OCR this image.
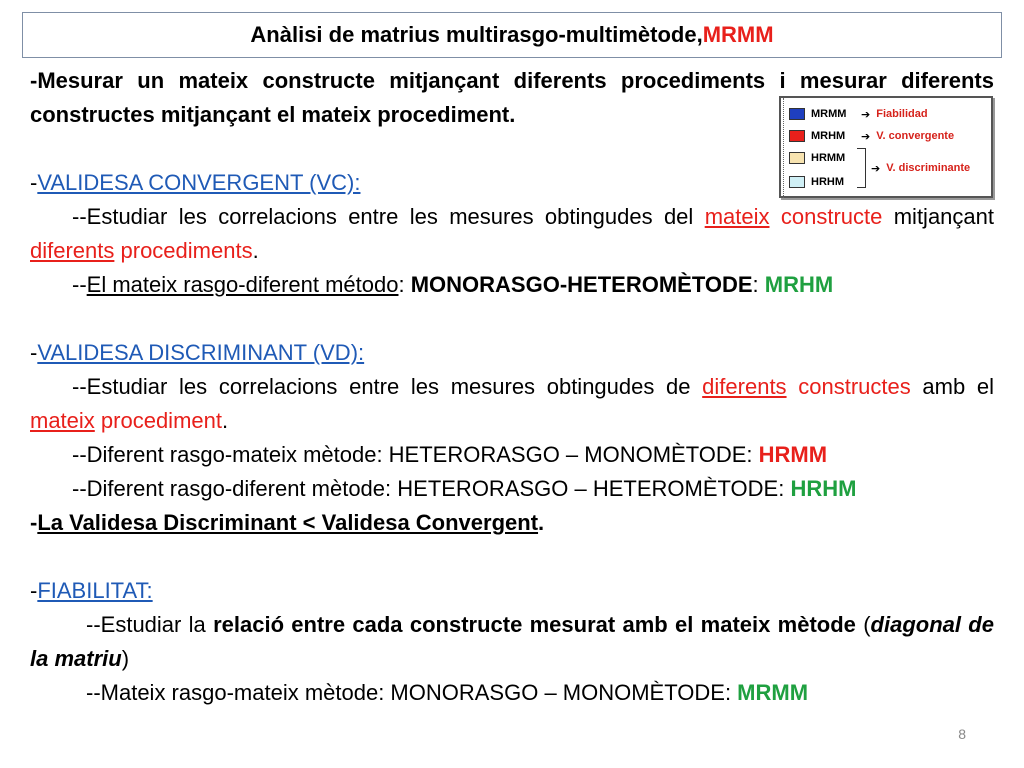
Anàlisi de matrius multirasgo-multimètode, MRMM

-Mesurar un mateix constructe mitjançant diferents procediments i mesurar diferents constructes mitjançant el mateix procediment.

-VALIDESA CONVERGENT (VC):

--Estudiar les correlacions entre les mesures obtingudes del mateix constructe mitjançant diferents procediments.

--El mateix rasgo-diferent método: MONORASGO-HETEROMÈTODE: MRHM

-VALIDESA DISCRIMINANT (VD):

--Estudiar les correlacions entre les mesures obtingudes de diferents constructes amb el mateix procediment.

--Diferent rasgo-mateix mètode: HETERORASGO – MONOMÈTODE: HRMM

--Diferent rasgo-diferent mètode: HETERORASGO – HETEROMÈTODE: HRHM

-La Validesa Discriminant < Validesa Convergent.

-FIABILITAT:

--Estudiar la relació entre cada constructe mesurat amb el mateix mètode (diagonal de la matriu)

--Mateix rasgo-mateix mètode: MONORASGO – MONOMÈTODE: MRMM

MRMM	➔ Fiabilidad
MRHM	➔ V. convergente
HRMM
HRHM
➔ V. discriminante
8
